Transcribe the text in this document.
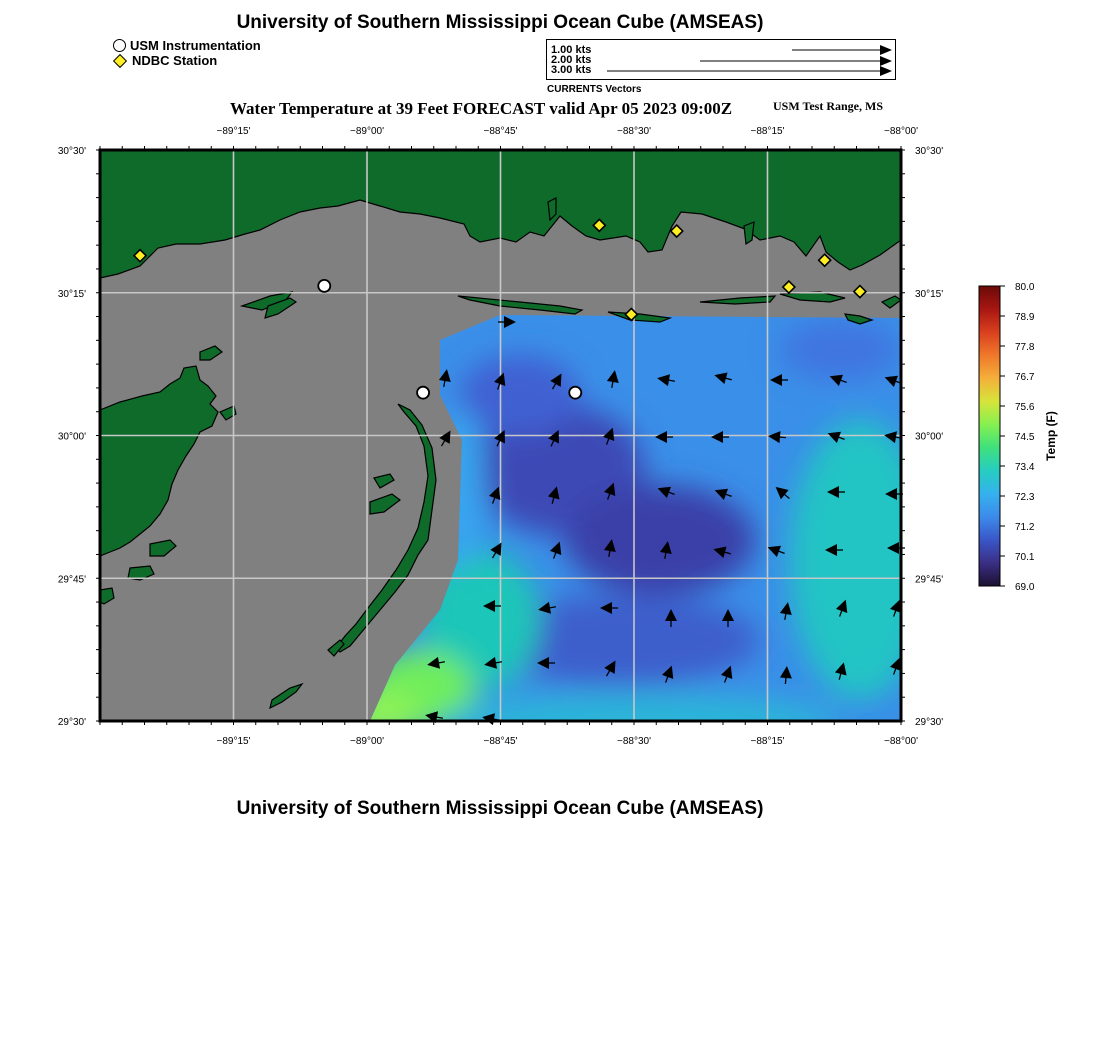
University of Southern Mississippi Ocean Cube (AMSEAS)
USM Instrumentation
NDBC Station
1.00 kts
2.00 kts
3.00 kts
CURRENTS Vectors
Water Temperature at 39 Feet FORECAST valid Apr 05 2023 09:00Z	USM Test Range, MS
−89°15'
−89°15'
−89°00'
−89°00'
−88°45'
−88°45'
−88°30'
−88°30'
−88°15'
−88°15'
−88°00'
−88°00'
30°30'	30°30'
30°15'	30°15'
30°00'	30°00'
29°45'	29°45'
29°30'	29°30'
80.0
78.9
77.8
76.7
75.6
74.5
73.4
72.3
71.2
70.1
69.0
Temp (F)
University of Southern Mississippi Ocean Cube (AMSEAS)
